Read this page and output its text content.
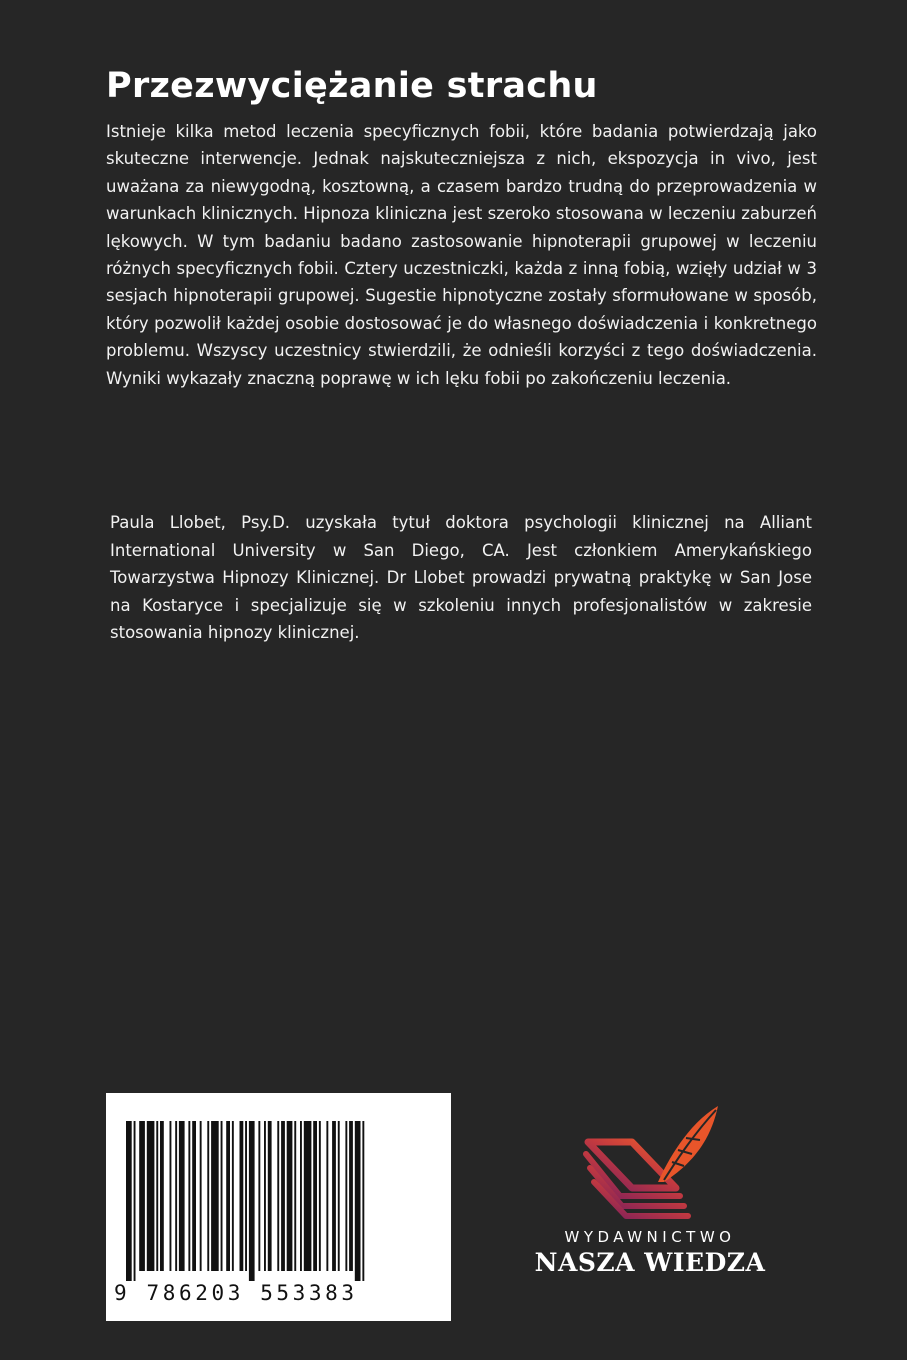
Przezwyciężanie strachu

Istnieje kilka metod leczenia specyficznych fobii, które badania potwierdzają jako skuteczne interwencje. Jednak najskuteczniejsza z nich, ekspozycja in vivo, jest uważana za niewygodną, kosztowną, a czasem bardzo trudną do przeprowadzenia w warunkach klinicznych. Hipnoza kliniczna jest szeroko stosowana w leczeniu zaburzeń lękowych. W tym badaniu badano zastosowanie hipnoterapii grupowej w leczeniu różnych specyficznych fobii. Cztery uczestniczki, każda z inną fobią, wzięły udział w 3 sesjach hipnoterapii grupowej. Sugestie hipnotyczne zostały sformułowane w sposób, który pozwolił każdej osobie dostosować je do własnego doświadczenia i konkretnego problemu. Wszyscy uczestnicy stwierdzili, że odnieśli korzyści z tego doświadczenia. Wyniki wykazały znaczną poprawę w ich lęku fobii po zakończeniu leczenia.

Paula Llobet, Psy.D. uzyskała tytuł doktora psychologii klinicznej na Alliant International University w San Diego, CA. Jest członkiem Amerykańskiego Towarzystwa Hipnozy Klinicznej. Dr Llobet prowadzi prywatną praktykę w San Jose na Kostaryce i specjalizuje się w szkoleniu innych profesjonalistów w zakresie stosowania hipnozy klinicznej.

9 786203 553383
WYDAWNICTWO
NASZA WIEDZA
